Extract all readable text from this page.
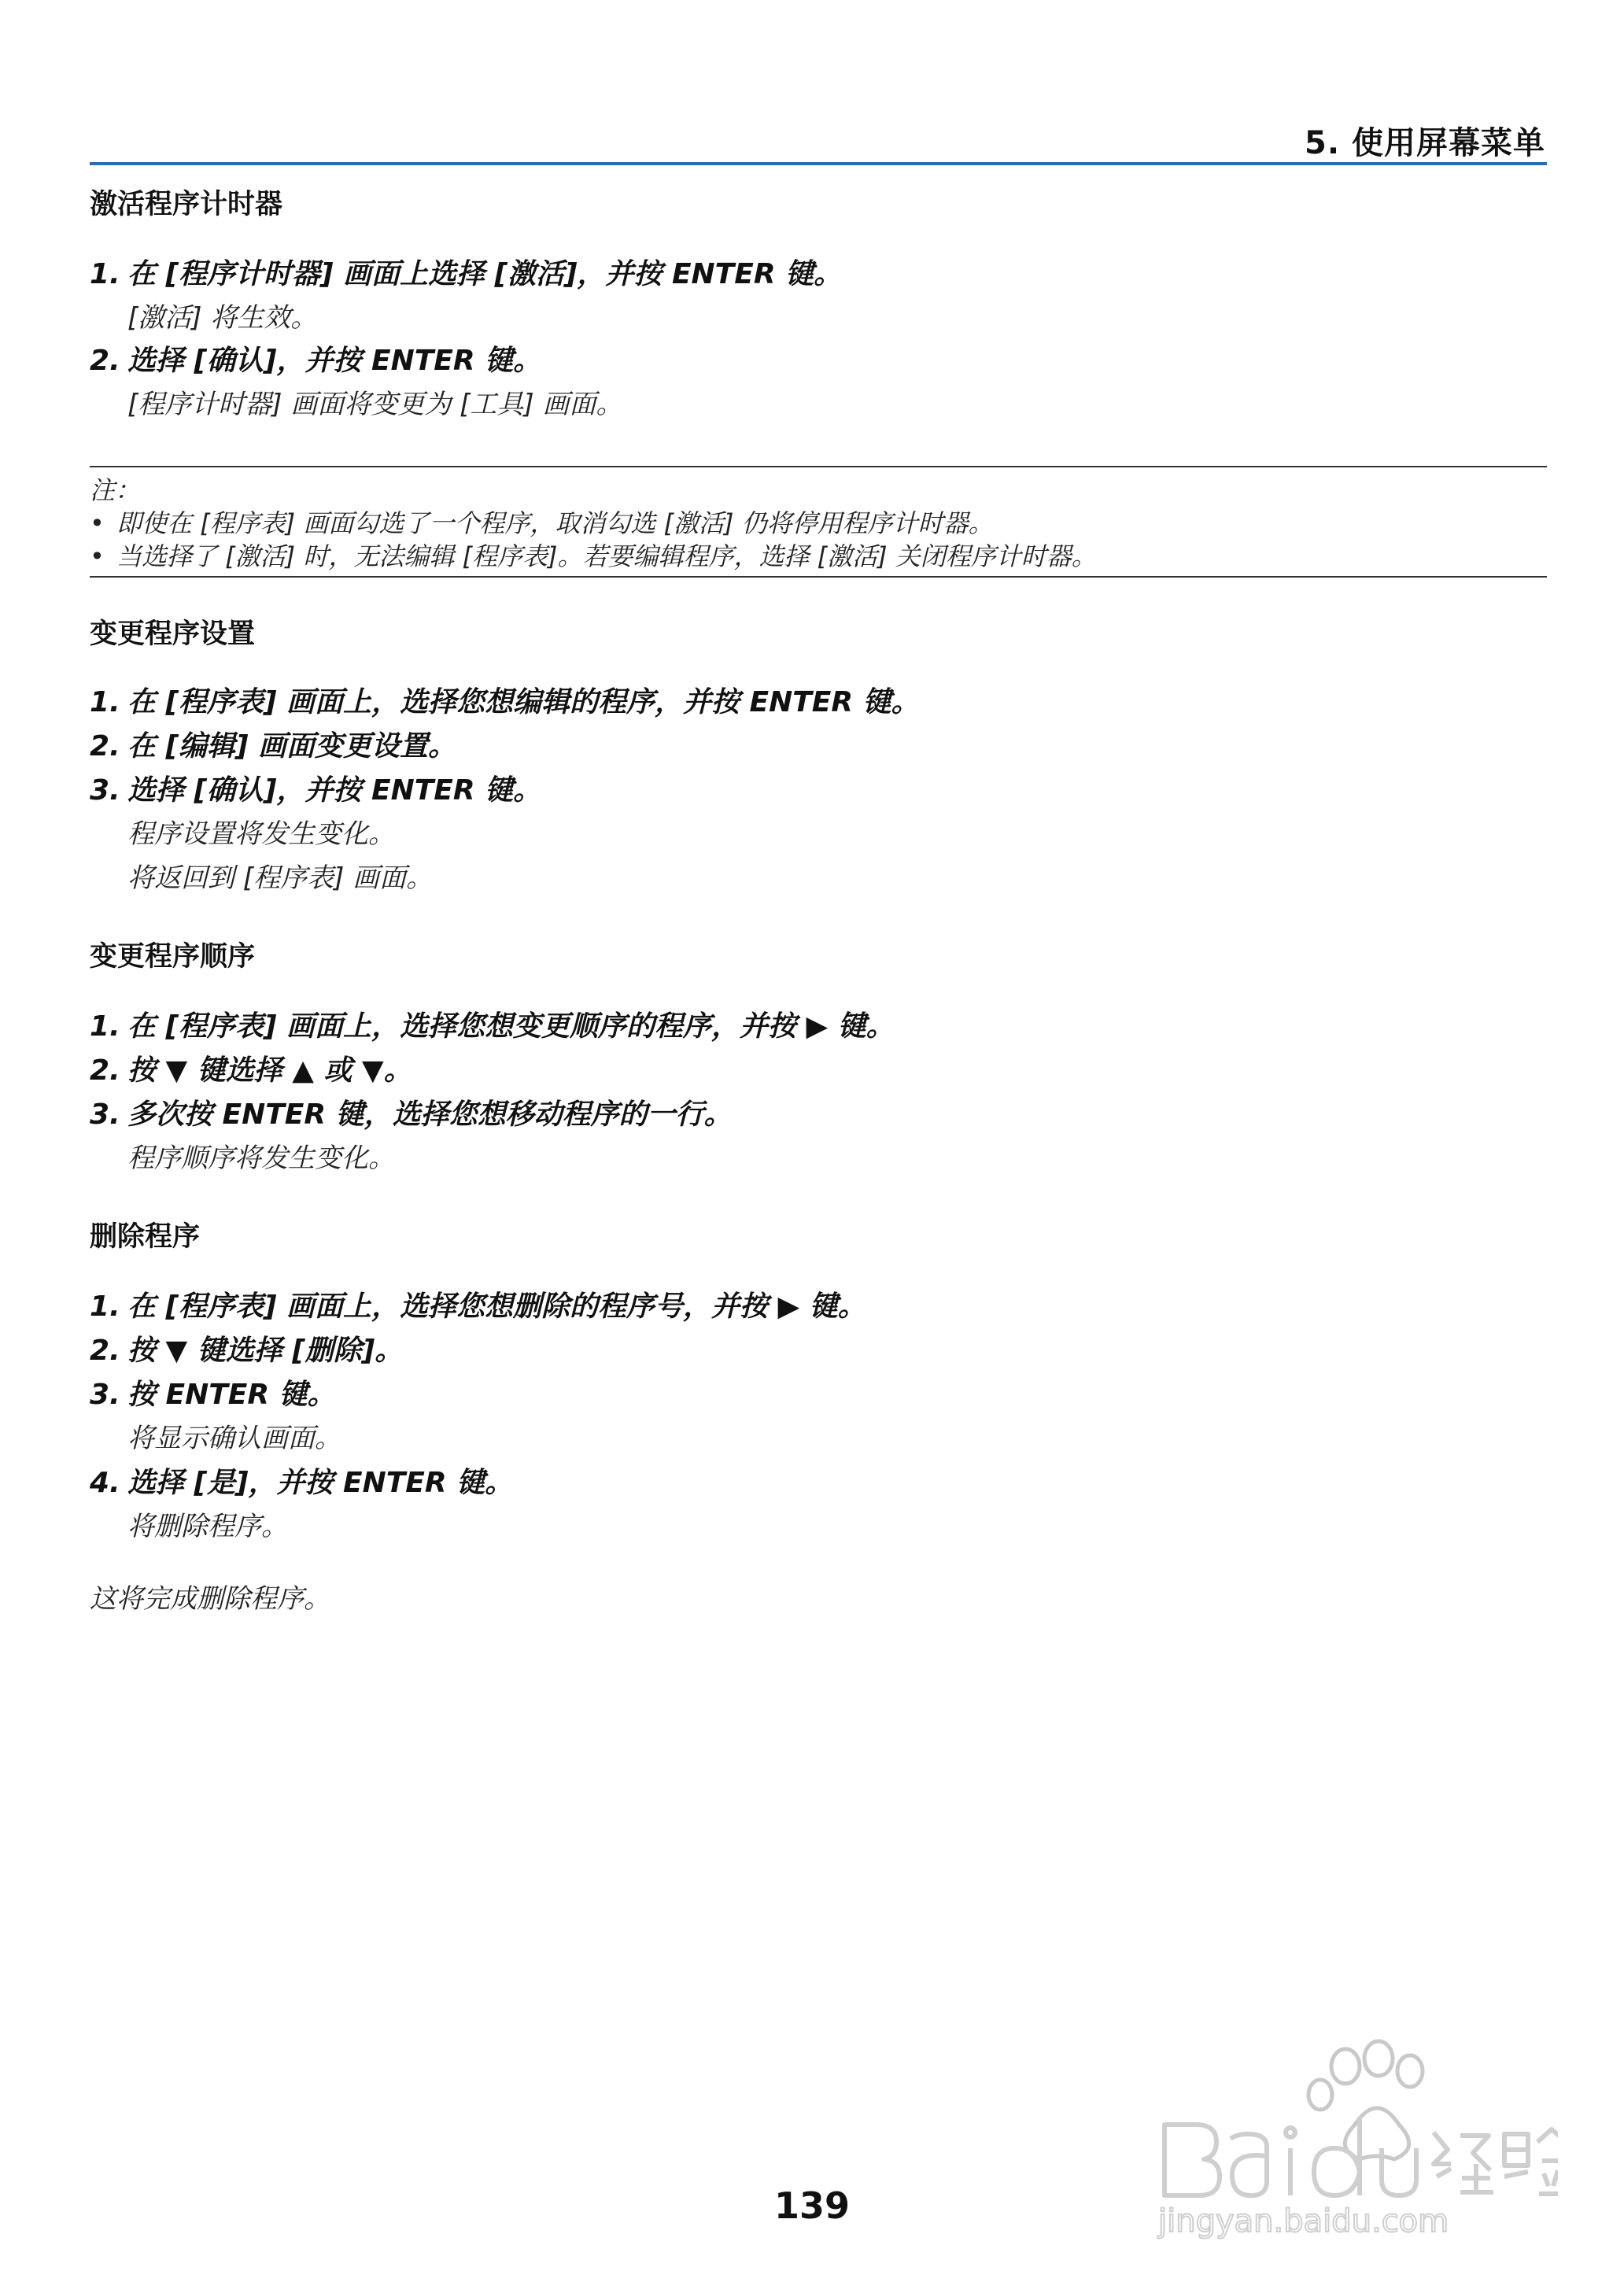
5. 使用屏幕菜单
激活程序计时器
1. 在 [程序计时器] 画面上选择 [激活]，并按 ENTER 键。
[激活] 将生效。
2. 选择 [确认]，并按 ENTER 键。
[程序计时器] 画面将变更为 [工具] 画面。
注：
• 即使在 [程序表] 画面勾选了一个程序，取消勾选 [激活] 仍将停用程序计时器。
• 当选择了 [激活] 时，无法编辑 [程序表]。若要编辑程序，选择 [激活] 关闭程序计时器。
变更程序设置
1. 在 [程序表] 画面上，选择您想编辑的程序，并按 ENTER 键。
2. 在 [编辑] 画面变更设置。
3. 选择 [确认]，并按 ENTER 键。
程序设置将发生变化。
将返回到 [程序表] 画面。
变更程序顺序
1. 在 [程序表] 画面上，选择您想变更顺序的程序，并按 ▶ 键。
2. 按 ▼ 键选择 ▲ 或 ▼。
3. 多次按 ENTER 键，选择您想移动程序的一行。
程序顺序将发生变化。
删除程序
1. 在 [程序表] 画面上，选择您想删除的程序号，并按 ▶ 键。
2. 按 ▼ 键选择 [删除]。
3. 按 ENTER 键。
将显示确认画面。
4. 选择 [是]，并按 ENTER 键。
将删除程序。
这将完成删除程序。
139	jingyan.baidu.com
